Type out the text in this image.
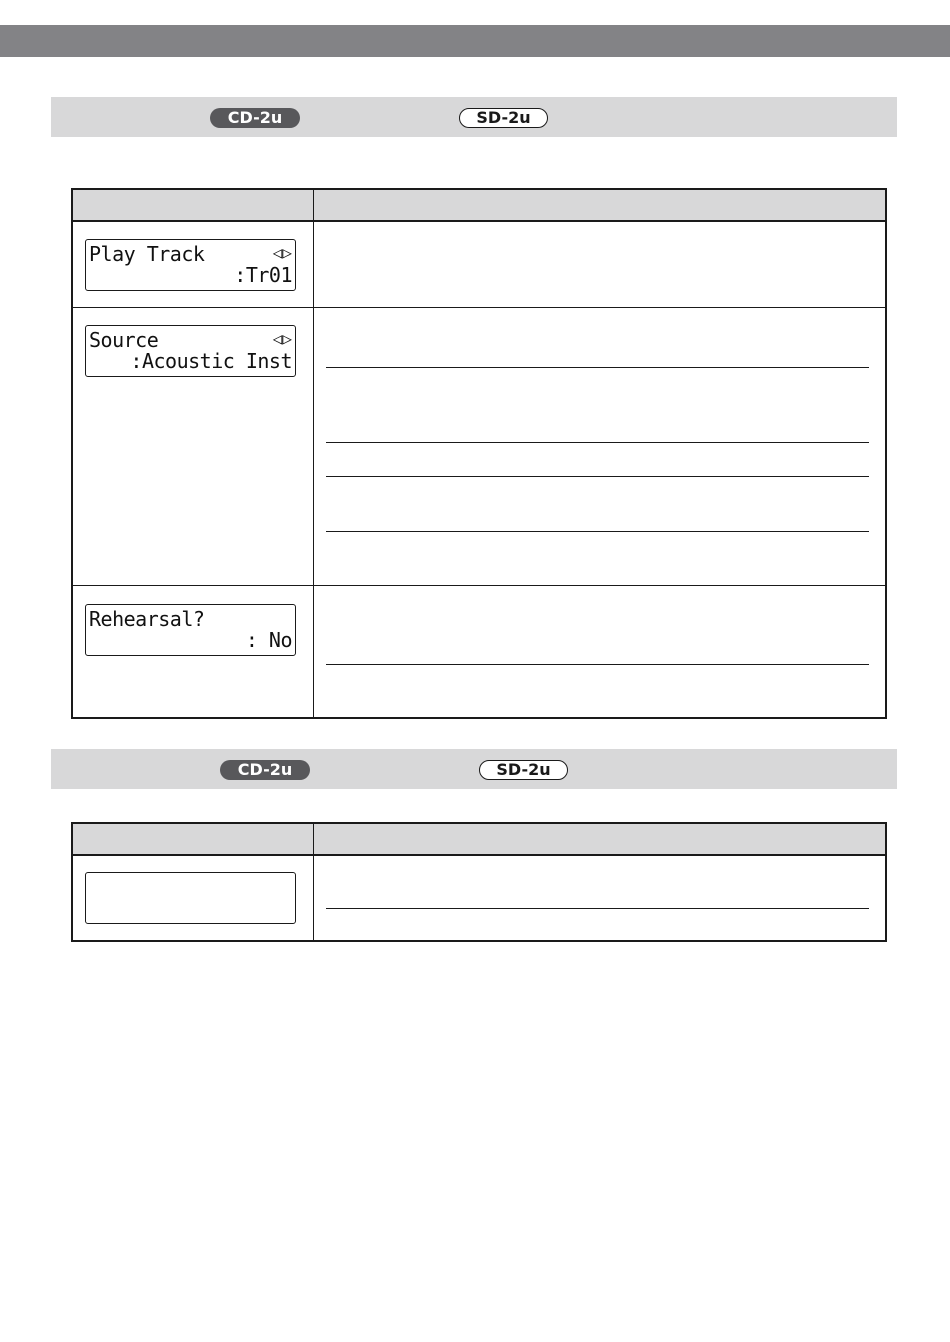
CD-2u	SD-2u
Play Track	◁▷
:Tr01
Source	◁▷
:Acoustic Inst
Rehearsal?
: No
CD-2u	SD-2u
